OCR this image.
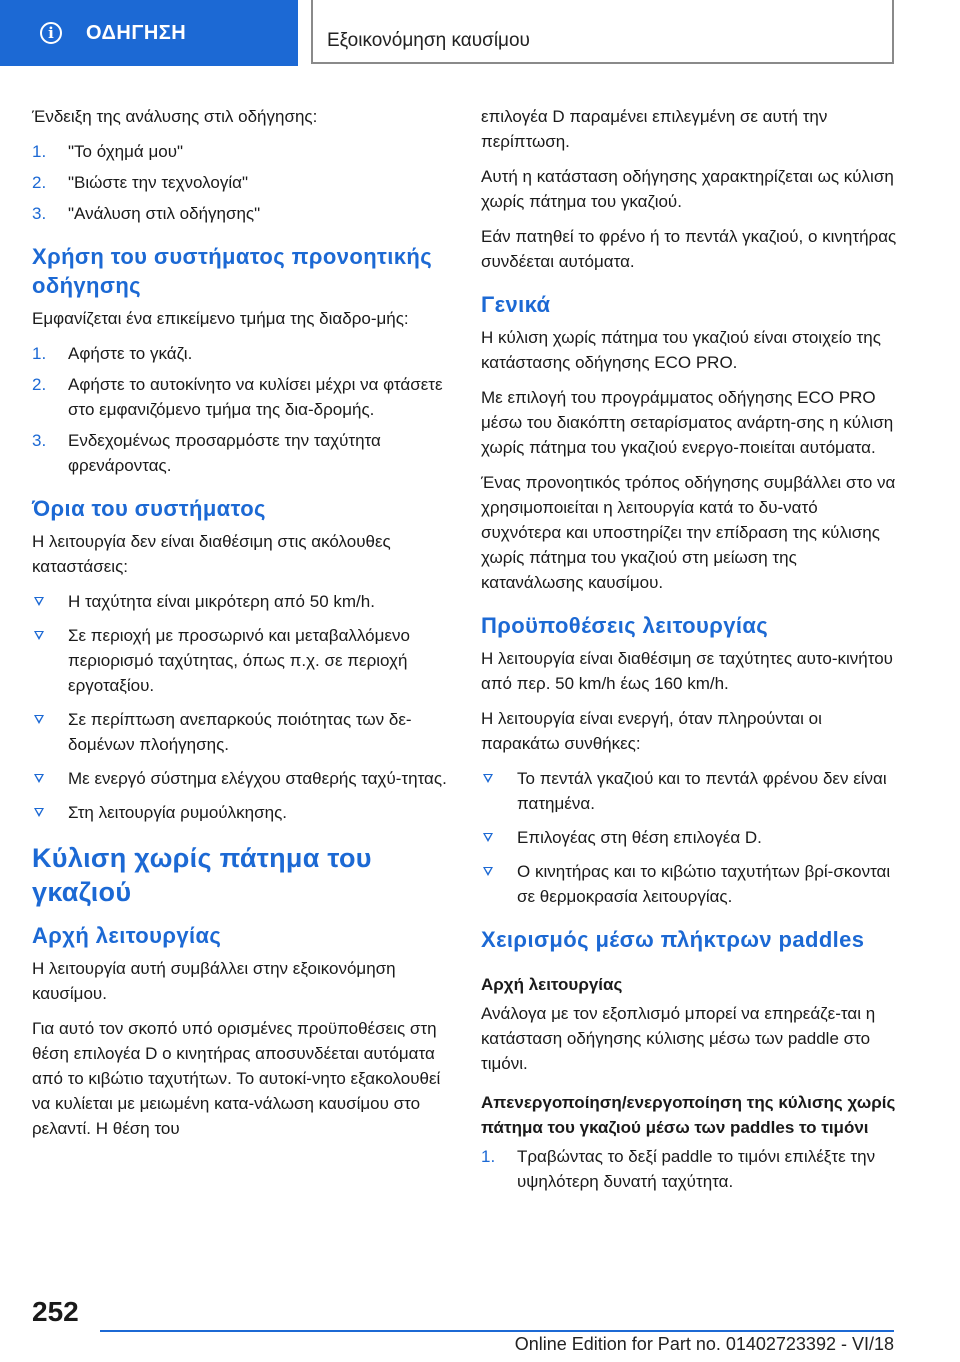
i	ΟΔΗΓΗΣΗ	Εξοικονόμηση καυσίμου

Ένδειξη της ανάλυσης στιλ οδήγησης:

1. "Το όχημά μου"
2. "Βιώστε την τεχνολογία"
3. "Ανάλυση στιλ οδήγησης"
Χρήση του συστήματος προνοητικής οδήγησης

Εμφανίζεται ένα επικείμενο τμήμα της διαδρο-μής:

1. Αφήστε το γκάζι.
2. Αφήστε το αυτοκίνητο να κυλίσει μέχρι να φτάσετε στο εμφανιζόμενο τμήμα της δια-δρομής.
3. Ενδεχομένως προσαρμόστε την ταχύτητα φρενάροντας.
Όρια του συστήματος

Η λειτουργία δεν είναι διαθέσιμη στις ακόλουθες καταστάσεις:

Η ταχύτητα είναι μικρότερη από 50 km/h.
Σε περιοχή με προσωρινό και μεταβαλλόμενο περιορισμό ταχύτητας, όπως π.χ. σε περιοχή εργοταξίου.
Σε περίπτωση ανεπαρκούς ποιότητας των δε-δομένων πλοήγησης.
Με ενεργό σύστημα ελέγχου σταθερής ταχύ-τητας.
Στη λειτουργία ρυμούλκησης.
Κύλιση χωρίς πάτημα του γκαζιού
Αρχή λειτουργίας

Η λειτουργία αυτή συμβάλλει στην εξοικονόμηση καυσίμου.

Για αυτό τον σκοπό υπό ορισμένες προϋποθέσεις στη θέση επιλογέα D ο κινητήρας αποσυνδέεται αυτόματα από το κιβώτιο ταχυτήτων. Το αυτοκί-νητο εξακολουθεί να κυλίεται με μειωμένη κατα-νάλωση καυσίμου στο ρελαντί. Η θέση του

επιλογέα D παραμένει επιλεγμένη σε αυτή την περίπτωση.

Αυτή η κατάσταση οδήγησης χαρακτηρίζεται ως κύλιση χωρίς πάτημα του γκαζιού.

Εάν πατηθεί το φρένο ή το πεντάλ γκαζιού, ο κινητήρας συνδέεται αυτόματα.

Γενικά

Η κύλιση χωρίς πάτημα του γκαζιού είναι στοιχείο της κατάστασης οδήγησης ECO PRO.

Με επιλογή του προγράμματος οδήγησης ECO PRO μέσω του διακόπτη σεταρίσματος ανάρτη-σης η κύλιση χωρίς πάτημα του γκαζιού ενεργο-ποιείται αυτόματα.

Ένας προνοητικός τρόπος οδήγησης συμβάλλει στο να χρησιμοποιείται η λειτουργία κατά το δυ-νατό συχνότερα και υποστηρίζει την επίδραση της κύλισης χωρίς πάτημα του γκαζιού στη μείωση της κατανάλωσης καυσίμου.

Προϋποθέσεις λειτουργίας

Η λειτουργία είναι διαθέσιμη σε ταχύτητες αυτο-κινήτου από περ. 50 km/h έως 160 km/h.

Η λειτουργία είναι ενεργή, όταν πληρούνται οι παρακάτω συνθήκες:

Το πεντάλ γκαζιού και το πεντάλ φρένου δεν είναι πατημένα.
Επιλογέας στη θέση επιλογέα D.
Ο κινητήρας και το κιβώτιο ταχυτήτων βρί-σκονται σε θερμοκρασία λειτουργίας.
Χειρισμός μέσω πλήκτρων paddles
Αρχή λειτουργίας

Ανάλογα με τον εξοπλισμό μπορεί να επηρεάζε-ται η κατάσταση οδήγησης κύλισης μέσω των paddle στο τιμόνι.

Απενεργοποίηση/ενεργοποίηση της κύλισης χωρίς πάτημα του γκαζιού μέσω των paddles το τιμόνι
1. Τραβώντας το δεξί paddle το τιμόνι επιλέξτε την υψηλότερη δυνατή ταχύτητα.
252
Online Edition for Part no. 01402723392 - VI/18
